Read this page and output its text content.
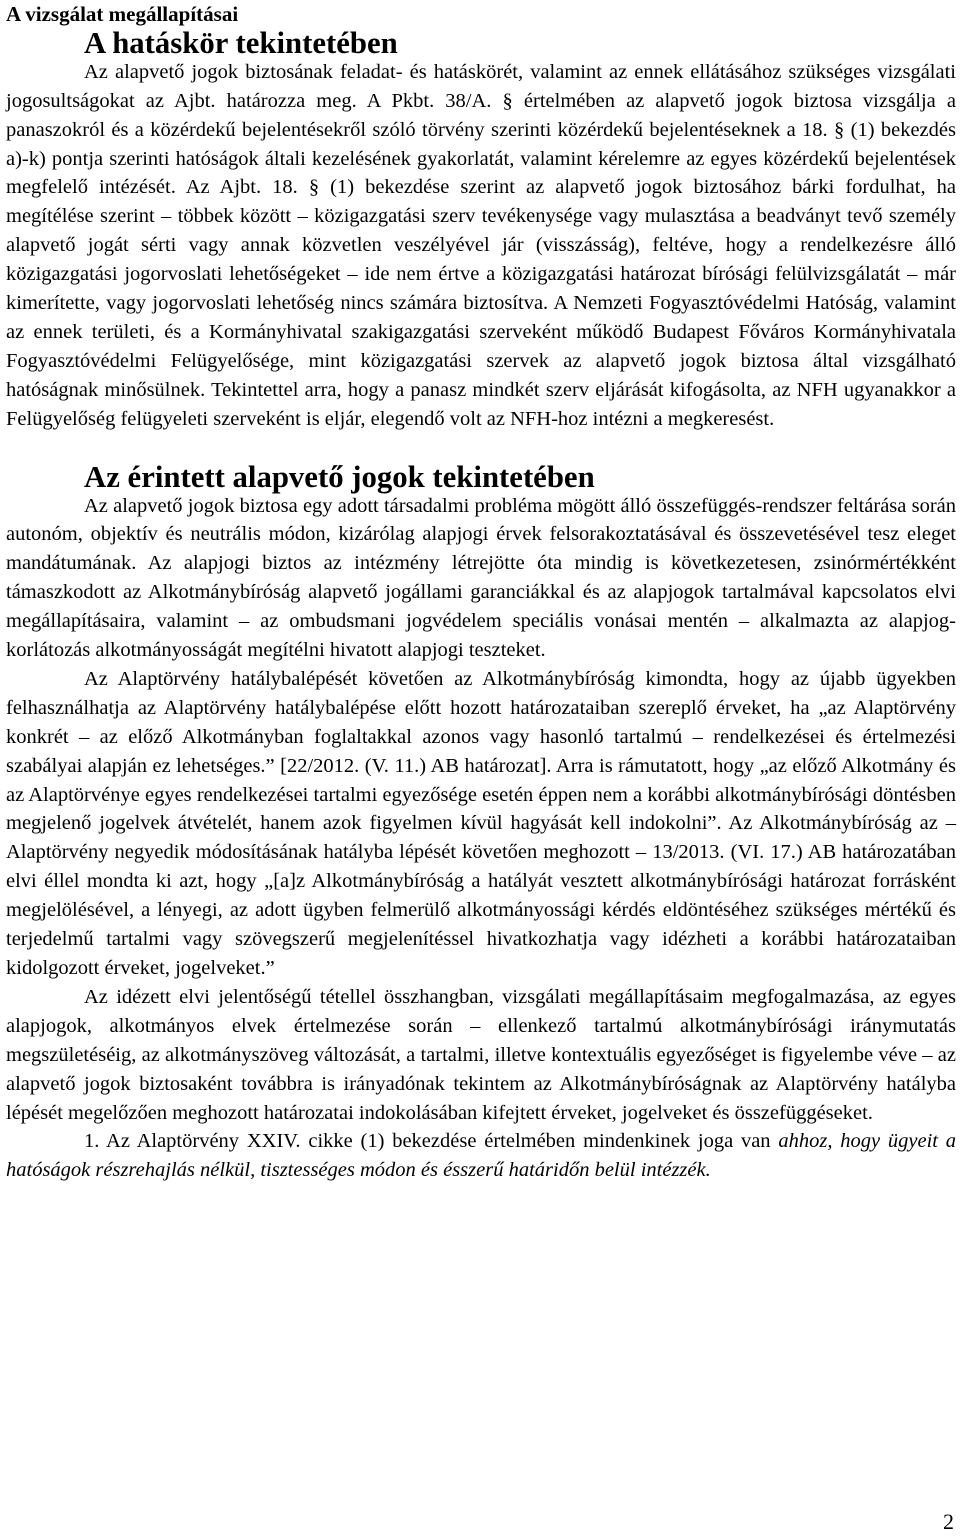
A vizsgálat megállapításai
A hatáskör tekintetében

Az alapvető jogok biztosának feladat- és hatáskörét, valamint az ennek ellátásához szükséges vizsgálati jogosultságokat az Ajbt. határozza meg. A Pkbt. 38/A. § értelmében az alapvető jogok biztosa vizsgálja a panaszokról és a közérdekű bejelentésekről szóló törvény szerinti közérdekű bejelentéseknek a 18. § (1) bekezdés a)-k) pontja szerinti hatóságok általi kezelésének gyakorlatát, valamint kérelemre az egyes közérdekű bejelentések megfelelő intézését. Az Ajbt. 18. § (1) bekezdése szerint az alapvető jogok biztosához bárki fordulhat, ha megítélése szerint – többek között – közigazgatási szerv tevékenysége vagy mulasztása a beadványt tevő személy alapvető jogát sérti vagy annak közvetlen veszélyével jár (visszásság), feltéve, hogy a rendelkezésre álló közigazgatási jogorvoslati lehetőségeket – ide nem értve a közigazgatási határozat bírósági felülvizsgálatát – már kimerítette, vagy jogorvoslati lehetőség nincs számára biztosítva. A Nemzeti Fogyasztóvédelmi Hatóság, valamint az ennek területi, és a Kormányhivatal szakigazgatási szerveként működő Budapest Főváros Kormányhivatala Fogyasztóvédelmi Felügyelősége, mint közigazgatási szervek az alapvető jogok biztosa által vizsgálható hatóságnak minősülnek. Tekintettel arra, hogy a panasz mindkét szerv eljárását kifogásolta, az NFH ugyanakkor a Felügyelőség felügyeleti szerveként is eljár, elegendő volt az NFH-hoz intézni a megkeresést.

Az érintett alapvető jogok tekintetében

Az alapvető jogok biztosa egy adott társadalmi probléma mögött álló összefüggés-rendszer feltárása során autonóm, objektív és neutrális módon, kizárólag alapjogi érvek felsorakoztatásával és összevetésével tesz eleget mandátumának. Az alapjogi biztos az intézmény létrejötte óta mindig is következetesen, zsinórmértékként támaszkodott az Alkotmánybíróság alapvető jogállami garanciákkal és az alapjogok tartalmával kapcsolatos elvi megállapításaira, valamint – az ombudsmani jogvédelem speciális vonásai mentén – alkalmazta az alapjog-korlátozás alkotmányosságát megítélni hivatott alapjogi teszteket.

Az Alaptörvény hatálybalépését követően az Alkotmánybíróság kimondta, hogy az újabb ügyekben felhasználhatja az Alaptörvény hatálybalépése előtt hozott határozataiban szereplő érveket, ha „az Alaptörvény konkrét – az előző Alkotmányban foglaltakkal azonos vagy hasonló tartalmú – rendelkezései és értelmezési szabályai alapján ez lehetséges.” [22/2012. (V. 11.) AB határozat]. Arra is rámutatott, hogy „az előző Alkotmány és az Alaptörvénye egyes rendelkezései tartalmi egyezősége esetén éppen nem a korábbi alkotmánybírósági döntésben megjelenő jogelvek átvételét, hanem azok figyelmen kívül hagyását kell indokolni”. Az Alkotmánybíróság az – Alaptörvény negyedik módosításának hatályba lépését követően meghozott – 13/2013. (VI. 17.) AB határozatában elvi éllel mondta ki azt, hogy „[a]z Alkotmánybíróság a hatályát vesztett alkotmánybírósági határozat forrásként megjelölésével, a lényegi, az adott ügyben felmerülő alkotmányossági kérdés eldöntéséhez szükséges mértékű és terjedelmű tartalmi vagy szövegszerű megjelenítéssel hivatkozhatja vagy idézheti a korábbi határozataiban kidolgozott érveket, jogelveket.”

Az idézett elvi jelentőségű tétellel összhangban, vizsgálati megállapításaim megfogalmazása, az egyes alapjogok, alkotmányos elvek értelmezése során – ellenkező tartalmú alkotmánybírósági iránymutatás megszületéséig, az alkotmányszöveg változását, a tartalmi, illetve kontextuális egyezőséget is figyelembe véve – az alapvető jogok biztosaként továbbra is irányadónak tekintem az Alkotmánybíróságnak az Alaptörvény hatályba lépését megelőzően meghozott határozatai indokolásában kifejtett érveket, jogelveket és összefüggéseket.

1. Az Alaptörvény XXIV. cikke (1) bekezdése értelmében mindenkinek joga van ahhoz, hogy ügyeit a hatóságok részrehajlás nélkül, tisztességes módon és ésszerű határidőn belül intézzék.

2
